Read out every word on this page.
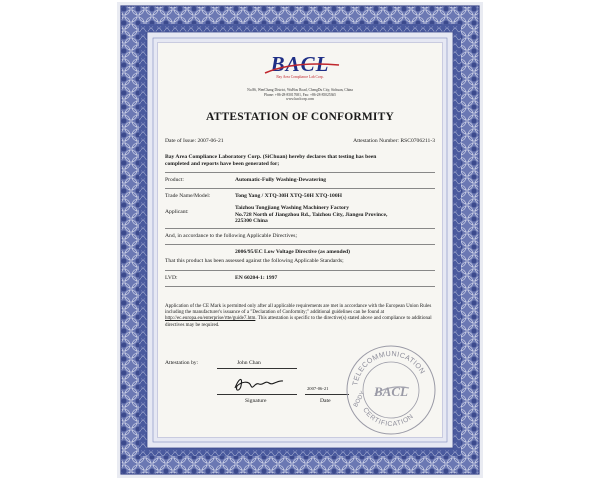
BACL
Bay Area Compliance Lab Corp.
No.86, WenChang District, WuHou Road, ChengDu City, Sichuan, China
Phone: +86-28-85017681, Fax: +86-28-85025365
www.baclcorp.com
ATTESTATION OF CONFORMITY
Date of Issue: 2007-06-21	Attestation Number: RSC0706211-3
Bay Area Compliance Laboratory Corp. (SiChuan) hereby declares that testing has been
completed and reports have been generated for;
Product:	Automatic-Fully Washing-Dewatering
Trade Name/Model:	Tong Yang / XTQ-30H XTQ-50H XTQ-100H
Applicant:
Taizhou Tongjiang Washing Machinery Factory
No.728 North of Jiangzhou Rd., Taizhou City, Jiangsu Province,
225300 China
And, in accordance to the following Applicable Directives;
2006/95/EC Low Voltage Directive (as amended)
That this product has been assessed against the following Applicable Standards;
LVD:	EN 60204-1: 1997
Application of the CE Mark is permitted only after all applicable requirements are met in accordance with the European Union Rules including the manufacturer's issuance of a "Declaration of Conformity;" additional guidelines can be found at http://ec.europa.eu/enterprise/rtte/guide7.htm. This attestation is specific to the directive(s) stated above and compliance to additional directives may be required.
Attestation by:	John Chan
Signature
2007-06-21
Date
TELECOMMUNICATION
CERTIFICATION
BODY BACL
